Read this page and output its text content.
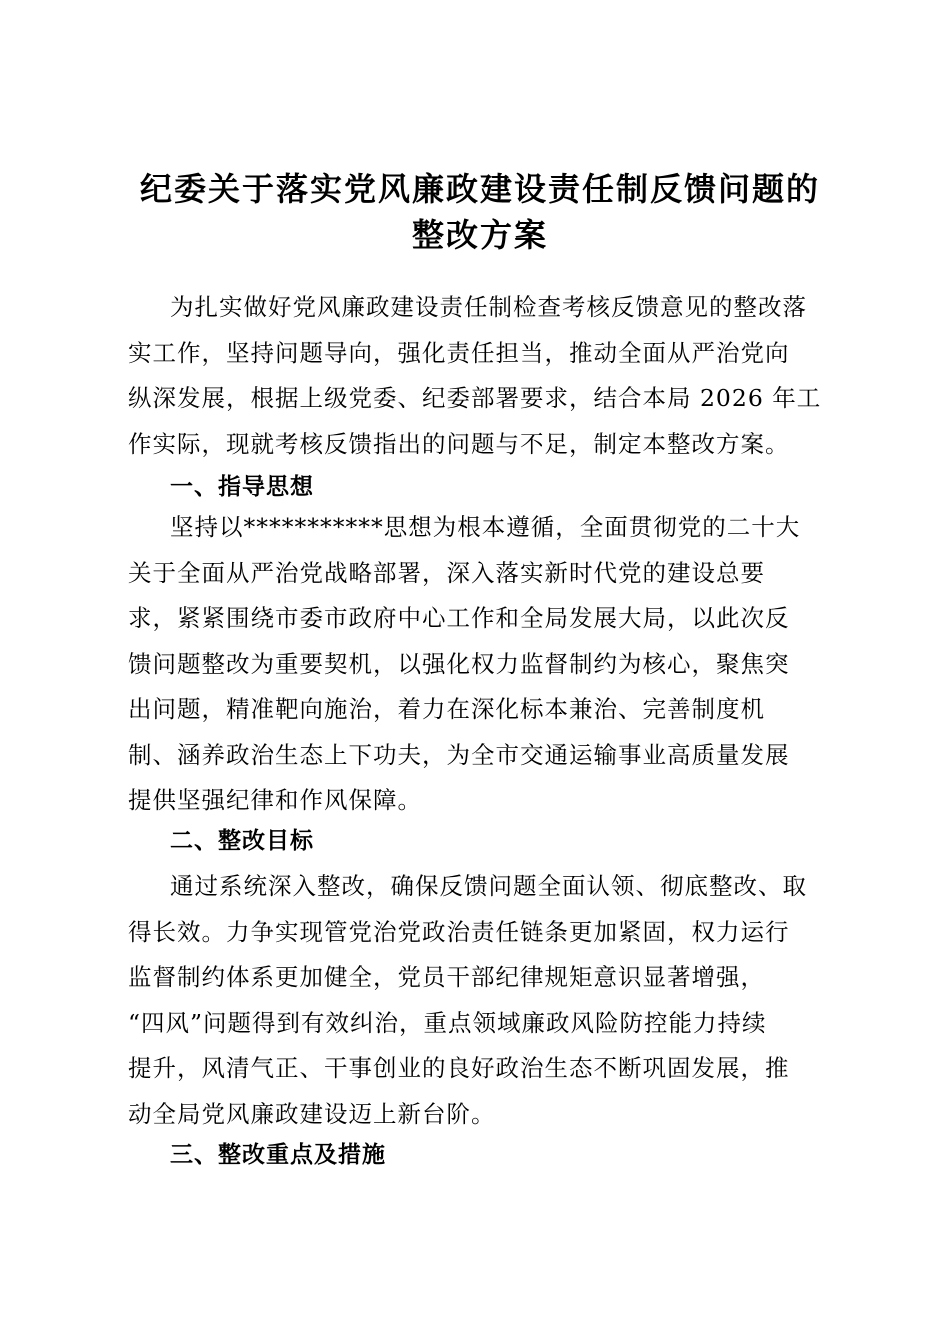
纪委关于落实党风廉政建设责任制反馈问题的
整改方案

为扎实做好党风廉政建设责任制检查考核反馈意见的整改落
实工作，坚持问题导向，强化责任担当，推动全面从严治党向
纵深发展，根据上级党委、纪委部署要求，结合本局 2026 年工
作实际，现就考核反馈指出的问题与不足，制定本整改方案。

一、指导思想

坚持以***********思想为根本遵循，全面贯彻党的二十大
关于全面从严治党战略部署，深入落实新时代党的建设总要
求，紧紧围绕市委市政府中心工作和全局发展大局，以此次反
馈问题整改为重要契机，以强化权力监督制约为核心，聚焦突
出问题，精准靶向施治，着力在深化标本兼治、完善制度机
制、涵养政治生态上下功夫，为全市交通运输事业高质量发展
提供坚强纪律和作风保障。

二、整改目标

通过系统深入整改，确保反馈问题全面认领、彻底整改、取
得长效。力争实现管党治党政治责任链条更加紧固，权力运行
监督制约体系更加健全，党员干部纪律规矩意识显著增强，
“四风”问题得到有效纠治，重点领域廉政风险防控能力持续
提升，风清气正、干事创业的良好政治生态不断巩固发展，推
动全局党风廉政建设迈上新台阶。

三、整改重点及措施
